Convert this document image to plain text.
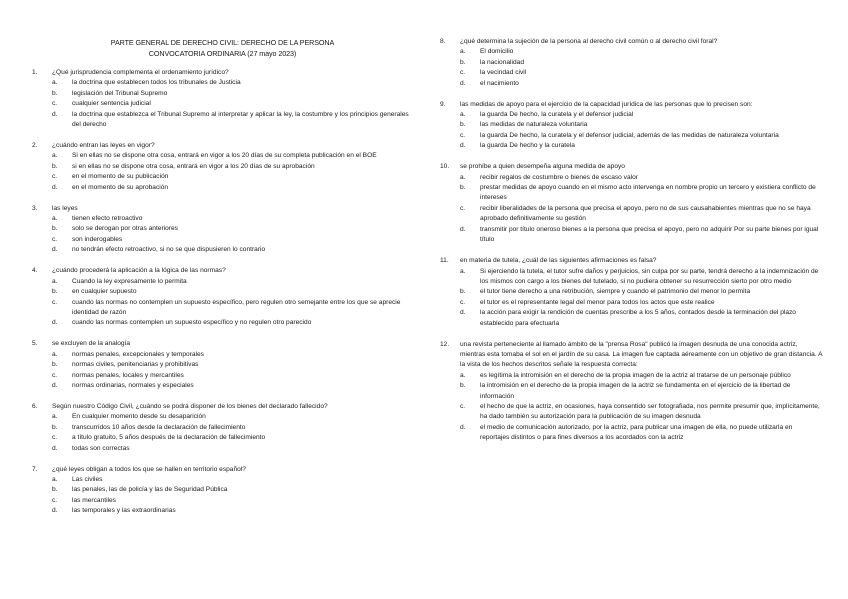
PARTE GENERAL DE DERECHO CIVIL: DERECHO DE LA PERSONA
CONVOCATORIA ORDINARIA (27 mayo 2023)
1.	¿Qué jurisprudencia complementa el ordenamiento jurídico?
a.	la doctrina que establecen todos los tribunales de Justicia
b.	legislación del Tribunal Supremo
c.	cualquier sentencia judicial
d.	la doctrina que establezca el Tribunal Supremo al interpretar y aplicar la ley, la costumbre y los principios generales del derecho
2.	¿cuándo entran las leyes en vigor?
a.	Si en ellas no se dispone otra cosa, entrará en vigor a los 20 días de su completa publicación en el BOE
b.	si en ellas no se dispone otra cosa, entrará en vigor a los 20 días de su aprobación
c.	en el momento de su publicación
d.	en el momento de su aprobación
3.	las leyes
a.	tienen efecto retroactivo
b.	solo se derogan por otras anteriores
c.	son inderogables
d.	no tendrán efecto retroactivo, si no se que dispusieren lo contrario
4.	¿cuándo procederá la aplicación a la lógica de las normas?
a.	Cuando la ley expresamente lo permita
b.	en cualquier supuesto
c.	cuando las normas no contemplen un supuesto específico, pero regulen otro semejante entre los que se aprecie identidad de razón
d.	cuando las normas contemplen un supuesto específico y no regulen otro parecido
5.	se excluyen de la analogía
a.	normas penales, excepcionales y temporales
b.	normas civiles, penitenciarias y prohibitivas
c.	normas penales, locales y mercantiles
d.	normas ordinarias, normales y especiales
6.	Según nuestro Código Civil, ¿cuándo se podrá disponer de los bienes del declarado fallecido?
a.	En cualquier momento desde su desaparición
b.	transcurridos 10 años desde la declaración de fallecimiento
c.	a título gratuito, 5 años después de la declaración de fallecimiento
d.	todas son correctas
7.	¿qué leyes obligan a todos los que se hallen en territorio español?
a.	Las civiles
b.	las penales, las de policía y las de Seguridad Pública
c.	las mercantiles
d.	las temporales y las extraordinarias
8.	¿qué determina la sujeción de la persona al derecho civil común o al derecho civil foral?
a.	El domicilio
b.	la nacionalidad
c.	la vecindad civil
d.	el nacimiento
9.	las medidas de apoyo para el ejercicio de la capacidad jurídica de las personas que lo precisen son:
a.	la guarda De hecho, la curatela y el defensor judicial
b.	las medidas de naturaleza voluntaria
c.	la guarda De hecho, la curatela y el defensor judicial, además de las medidas de naturaleza voluntaria
d.	la guarda De hecho y la curatela
10.	se prohíbe a quien desempeña alguna medida de apoyo
a.	recibir regalos de costumbre o bienes de escaso valor
b.	prestar medidas de apoyo cuando en el mismo acto intervenga en nombre propio un tercero y existiera conflicto de intereses
c.	recibir liberalidades de la persona que precisa el apoyo, pero no de sus causahabientes mientras que no se haya aprobado definitivamente su gestión
d.	transmitir por título oneroso bienes a la persona que precisa el apoyo, pero no adquirir Por su parte bienes por igual título
11.	en materia de tutela, ¿cuál de las siguientes afirmaciones es falsa?
a.	Si ejerciendo la tutela, el tutor sufre daños y perjuicios, sin culpa por su parte, tendrá derecho a la indemnización de los mismos con cargo a los bienes del tutelado, si no pudiera obtener su resurrección sierto por otro medio
b.	el tutor tiene derecho a una retribución, siempre y cuando el patrimonio del menor lo permita
c.	el tutor es el representante legal del menor para todos los actos que este realice
d.	la acción para exigir la rendición de cuentas prescribe a los 5 años, contados desde la terminación del plazo establecido para efectuarla
12.	una revista perteneciente al llamado ámbito de la "prensa Rosa" publicó la imagen desnuda de una conocida actriz, mientras esta tomaba el sol en el jardín de su casa. La imagen fue captada aéreamente con un objetivo de gran distancia. A la vista de los hechos descritos señale la respuesta correcta:
a.	es legítima la intromisión en el derecho de la propia imagen de la actriz al tratarse de un personaje público
b.	la intromisión en el derecho de la propia imagen de la actriz se fundamenta en el ejercicio de la libertad de información
c.	el hecho de que la actriz, en ocasiones, haya consentido ser fotografiada, nos permite presumir que, implícitamente, ha dado también su autorización para la publicación de su imagen desnuda
d.	el medio de comunicación autorizado, por la actriz, para publicar una imagen de ella, no puede utilizarla en reportajes distintos o para fines diversos a los acordados con la actriz
